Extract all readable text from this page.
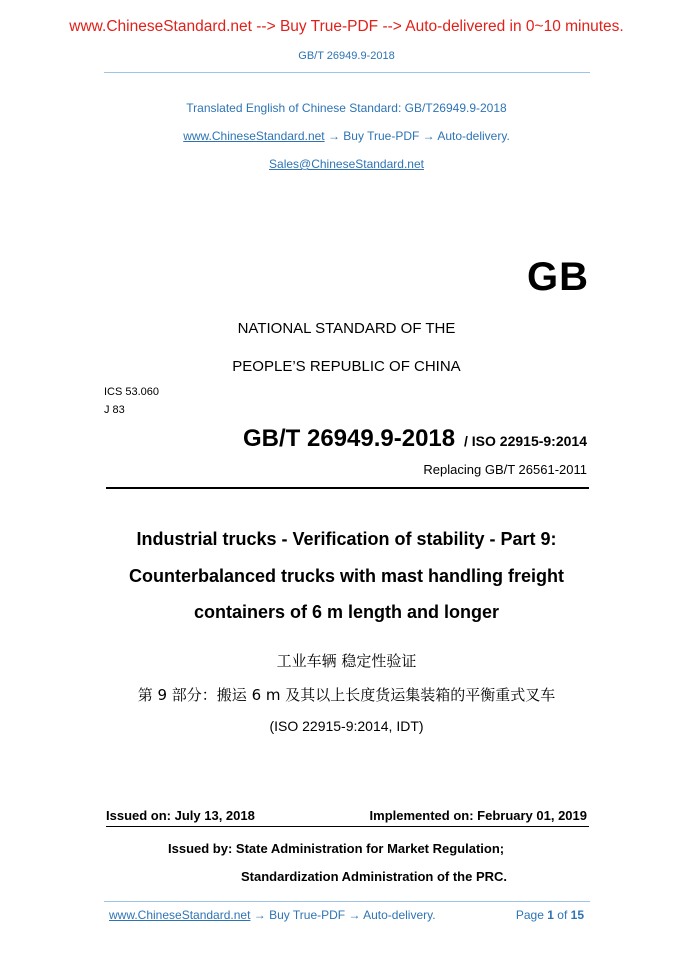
www.ChineseStandard.net --> Buy True-PDF --> Auto-delivered in 0~10 minutes.
GB/T 26949.9-2018
Translated English of Chinese Standard: GB/T26949.9-2018
www.ChineseStandard.net → Buy True-PDF → Auto-delivery.
Sales@ChineseStandard.net
GB
NATIONAL STANDARD OF THE
PEOPLE’S REPUBLIC OF CHINA
ICS 53.060
J 83
GB/T 26949.9-2018 / ISO 22915-9:2014
Replacing GB/T 26561-2011
Industrial trucks - Verification of stability - Part 9:
Counterbalanced trucks with mast handling freight
containers of 6 m length and longer
工业车辆 稳定性验证
第 9 部分：搬运 6 m 及其以上长度货运集装箱的平衡重式叉车
(ISO 22915-9:2014, IDT)
Issued on: July 13, 2018	Implemented on: February 01, 2019
Issued by: State Administration for Market Regulation;
Standardization Administration of the PRC.
www.ChineseStandard.net → Buy True-PDF → Auto-delivery.	Page 1 of 15
